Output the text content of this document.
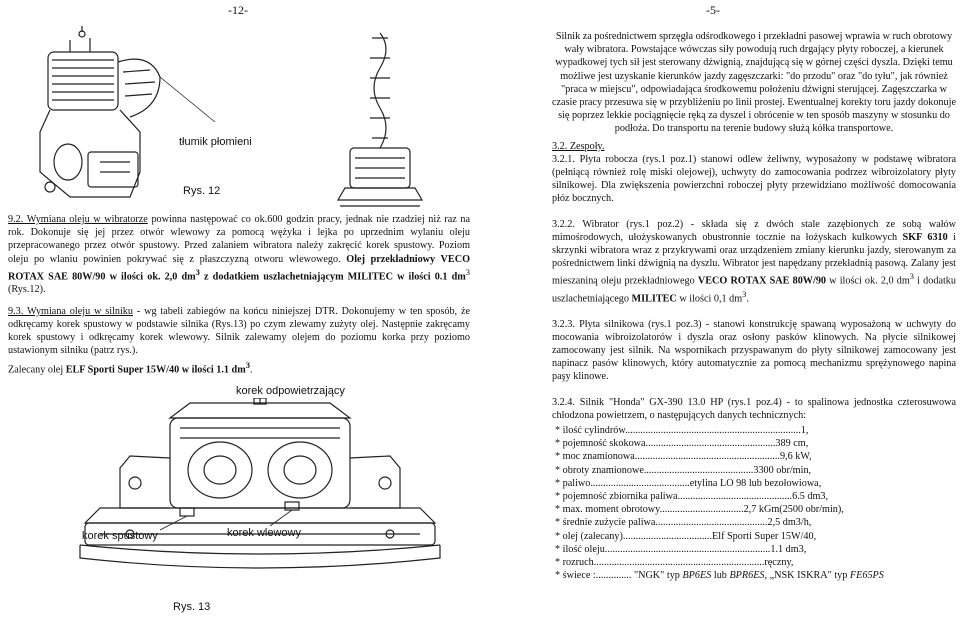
-12-	-5-
tłumik płomieni
Rys. 12

9.2. Wymiana oleju w wibratorze powinna następować co ok.600 godzin pracy, jednak nie rzadziej niż raz na rok. Dokonuje się jej przez otwór wlewowy za pomocą wężyka i lejka po uprzednim wylaniu oleju przepracowanego przez otwór spustowy. Przed zalaniem wibratora należy zakręcić korek spustowy. Poziom oleju po wlaniu powinien pokrywać się z płaszczyzną otworu wlewowego. Olej przekładniowy VECO ROTAX SAE 80W/90 w ilości ok. 2,0 $dm^3$ z dodatkiem uszlachetniającym MILITEC w ilości 0.1 $dm^3$ (Rys.12).

9.3. Wymiana oleju w silniku - wg tabeli zabiegów na końcu niniejszej DTR. Dokonujemy w ten sposób, że odkręcamy korek spustowy w podstawie silnika (Rys.13) po czym zlewamy zużyty olej. Następnie zakręcamy korek spustowy i odkręcamy korek wlewowy. Silnik zalewamy olejem do poziomu korka przy poziomo ustawionym silniku (patrz rys.).

Zalecany olej ELF Sporti Super 15W/40 w ilości 1.1 $dm^3$.

korek odpowietrzający
korek spustowy	korek wlewowy
Rys. 13

Silnik za pośrednictwem sprzęgła odśrodkowego i przekładni pasowej wprawia w ruch obrotowy wały wibratora. Powstające wówczas siły powodują ruch drgający płyty roboczej, a kierunek wypadkowej tych sił jest sterowany dźwignią, znajdującą się w górnej części dyszla. Dzięki temu możliwe jest uzyskanie kierunków jazdy zagęszczarki: "do przodu" oraz "do tyłu", jak również "praca w miejscu", odpowiadająca środkowemu położeniu dźwigni sterującej. Zagęszczarka w czasie pracy przesuwa się w przybliżeniu po linii prostej. Ewentualnej korekty toru jazdy dokonuje się poprzez lekkie pociągnięcie ręką za dyszel i obrócenie w ten sposób maszyny w stosunku do podłoża. Do transportu na terenie budowy służą kółka transportowe.

3.2. Zespoły.

3.2.1. Płyta robocza (rys.1 poz.1) stanowi odlew żeliwny, wyposażony w podstawę wibratora (pełniącą również rolę miski olejowej), uchwyty do zamocowania podrzez wibroizolatory płyty silnikowej. Dla zwiększenia powierzchni roboczej płyty przewidziano możliwość domocowania płóz bocznych.

3.2.2. Wibrator (rys.1 poz.2) - składa się z dwóch stale zazębionych ze sobą wałów mimośrodowych, ułożyskowanych obustronnie tocznie na łożyskach kulkowych SKF 6310 i skrzynki wibratora wraz z przykrywami oraz urządzeniem zmiany kierunku jazdy, sterowanym za pośrednictwem linki dźwignią na dyszlu. Wibrator jest napędzany przekładnią pasową. Zalany jest mieszaniną oleju przekładniowego VECO ROTAX SAE 80W/90 w ilości ok. 2,0 $dm^3$ i dodatku uszlachetniającego MILITEC w ilości 0,1 $dm^3$.

3.2.3. Płyta silnikowa (rys.1 poz.3) - stanowi konstrukcję spawaną wyposażoną w uchwyty do mocowania wibroizolatorów i dyszla oraz osłony pasków klinowych. Na płycie silnikowej zamocowany jest silnik. Na wspornikach przyspawanym do płyty silnikowej zamocowany jest napinacz pasów klinowych, który automatycznie za pomocą mechanizmu sprężynowego napina paşy klinowe.

3.2.4. Silnik "Honda" GX-390 13.0 HP (rys.1 poz.4) - to spalinowa jednostka czterosuwowa chłodzona powietrzem, o następujących danych technicznych:

* ilość cylindrów.....................................................................1,

* pojemność skokowa...................................................389 cm,

* moc znamionowa.........................................................9,6 kW,

* obroty znamionowe...........................................3300 obr/min,

* paliwo.......................................etylina LO 98 lub bezołowiowa,

* pojemność zbiornika paliwa.............................................6.5 dm3,

* max. moment obrotowy.................................2,7 kGm(2500 obr/min),

* średnie zużycie paliwa............................................2,5 dm3/h,

* olej (zalecany)...................................Elf Sporti Super 15W/40,

* ilość oleju.................................................................1.1 dm3,

* rozruch...................................................................ręczny,

* świece :.............. "NGK" typ BP6ES lub BPR6ES, „NSK ISKRA" typ FE65PS
